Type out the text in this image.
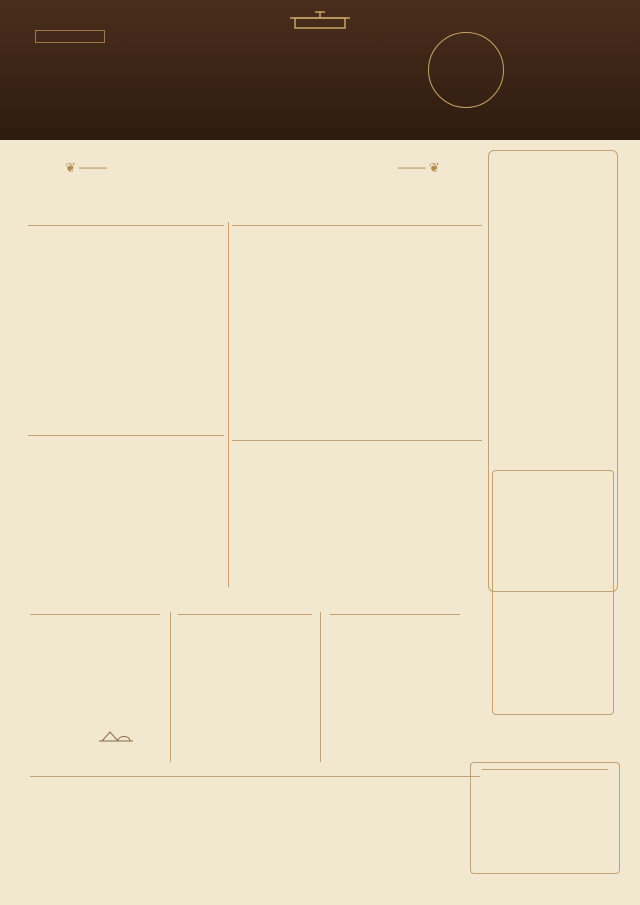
❦ ───	─── ❦
